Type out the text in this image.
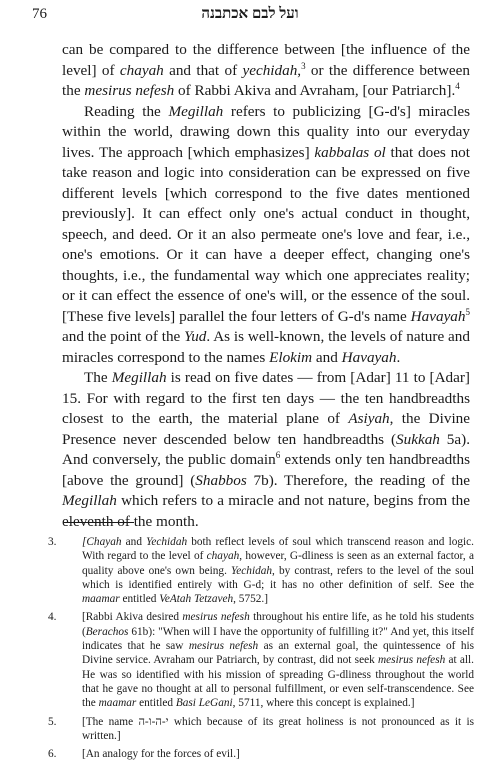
76	ועל לבם אכתבנה

can be compared to the difference between [the influence of the level] of chayah and that of yechidah,$^3$ or the difference between the mesirus nefesh of Rabbi Akiva and Avraham, [our Patriarch].$^4$

Reading the Megillah refers to publicizing [G-d's] miracles within the world, drawing down this quality into our everyday lives. The approach [which emphasizes] kabbalas ol that does not take reason and logic into consideration can be expressed on five different levels [which correspond to the five dates mentioned previously]. It can effect only one's actual conduct in thought, speech, and deed. Or it an also permeate one's love and fear, i.e., one's emotions. Or it can have a deeper effect, changing one's thoughts, i.e., the fundamental way which one appreciates reality; or it can effect the essence of one's will, or the essence of the soul. [These five levels] parallel the four letters of G-d's name Havayah$^5$ and the point of the Yud. As is well-known, the levels of nature and miracles correspond to the names Elokim and Havayah.

The Megillah is read on five dates — from [Adar] 11 to [Adar] 15. For with regard to the first ten days — the ten handbreadths closest to the earth, the material plane of Asiyah, the Divine Presence never descended below ten handbreadths (Sukkah 5a). And conversely, the public domain$^6$ extends only ten handbreadths [above the ground] (Shabbos 7b). Therefore, the reading of the Megillah which refers to a miracle and not nature, begins from the eleventh of the month.

3.	[Chayah and Yechidah both reflect levels of soul which transcend reason and logic. With regard to the level of chayah, however, G-dliness is seen as an external factor, a quality above one's own being. Yechidah, by contrast, refers to the level of the soul which is identified entirely with G-d; it has no other definition of self. See the maamar entitled VeAtah Tetzaveh, 5752.]
4.	[Rabbi Akiva desired mesirus nefesh throughout his entire life, as he told his students (Berachos 61b): "When will I have the opportunity of fulfilling it?" And yet, this itself indicates that he saw mesirus nefesh as an external goal, the quintessence of his Divine service. Avraham our Patriarch, by contrast, did not seek mesirus nefesh at all. He was so identified with his mission of spreading G-dliness throughout the world that he gave no thought at all to personal fulfillment, or even self-transcendence. See the maamar entitled Basi LeGani, 5711, where this concept is explained.]
5.	[The name י-ה-ו-ה which because of its great holiness is not pronounced as it is written.]
6.	[An analogy for the forces of evil.]
